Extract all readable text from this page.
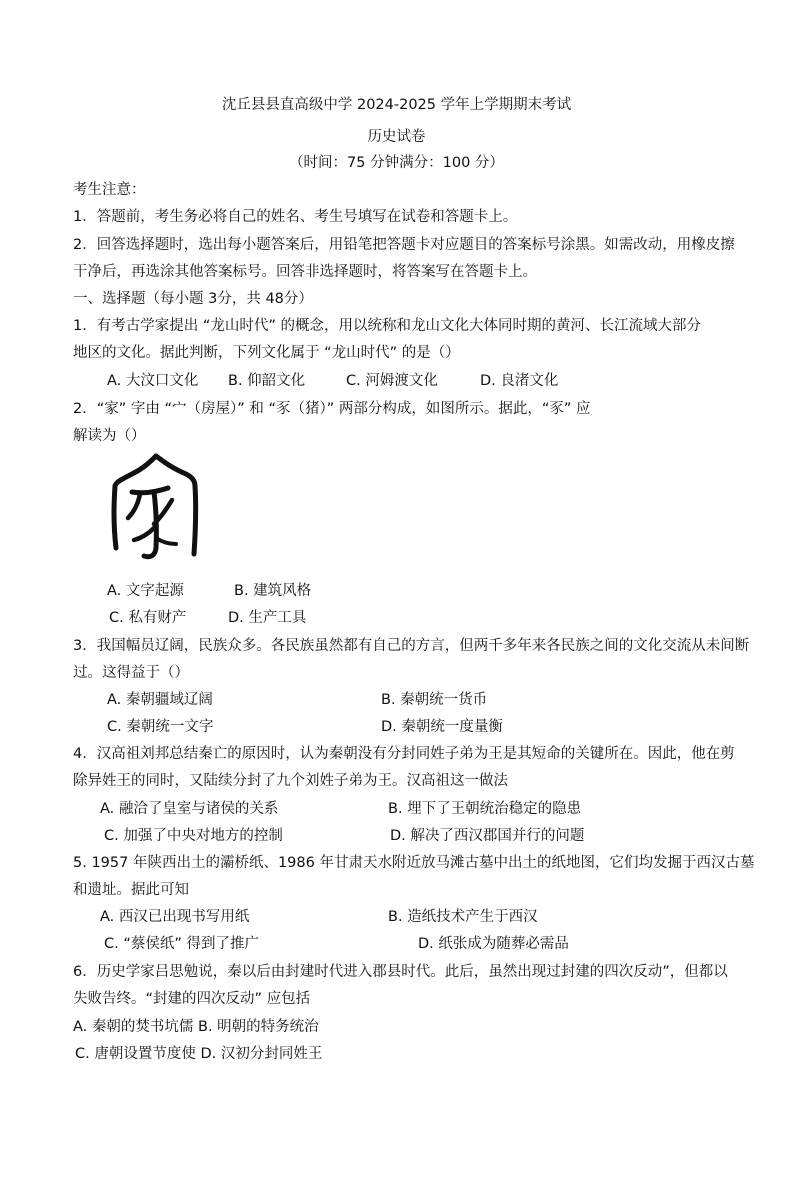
沈丘县县直高级中学 2024-2025 学年上学期期末考试
历史试卷
（时间：75 分钟满分：100 分）
考生注意：
1．答题前，考生务必将自己的姓名、考生号填写在试卷和答题卡上。
2．回答选择题时，选出每小题答案后，用铅笔把答题卡对应题目的答案标号涂黑。如需改动，用橡皮擦
干净后，再选涂其他答案标号。回答非选择题时，将答案写在答题卡上。
一、选择题（每小题 3分，共 48分）
1．有考古学家提出 “龙山时代” 的概念，用以统称和龙山文化大体同时期的黄河、长江流域大部分
地区的文化。据此判断，下列文化属于 “龙山时代” 的是（）
A. 大汶口文化 B. 仰韶文化	C. 河姆渡文化	D. 良渚文化
2．“家” 字由 “宀（房屋）” 和 “豕（猪）” 两部分构成，如图所示。据此，“豕” 应
解读为（）
A. 文字起源	B. 建筑风格
C. 私有财产	D. 生产工具
3．我国幅员辽阔，民族众多。各民族虽然都有自己的方言，但两千多年来各民族之间的文化交流从未间断
过。这得益于（）
A. 秦朝疆域辽阔	B. 秦朝统一货币
C. 秦朝统一文字	D. 秦朝统一度量衡
4．汉高祖刘邦总结秦亡的原因时，认为秦朝没有分封同姓子弟为王是其短命的关键所在。因此，他在剪
除异姓王的同时，又陆续分封了九个刘姓子弟为王。汉高祖这一做法
A. 融洽了皇室与诸侯的关系	B. 埋下了王朝统治稳定的隐患
C. 加强了中央对地方的控制	D. 解决了西汉郡国并行的问题
5. 1957 年陕西出土的灞桥纸、1986 年甘肃天水附近放马滩古墓中出土的纸地图，它们均发掘于西汉古墓
和遗址。据此可知
A. 西汉已出现书写用纸	B. 造纸技术产生于西汉
C. “蔡侯纸” 得到了推广	D. 纸张成为随葬必需品
6．历史学家吕思勉说，秦以后由封建时代进入郡县时代。此后，虽然出现过封建的四次反动”，但都以
失败告终。“封建的四次反动” 应包括
A. 秦朝的焚书坑儒 B. 明朝的特务统治
C. 唐朝设置节度使 D. 汉初分封同姓王
